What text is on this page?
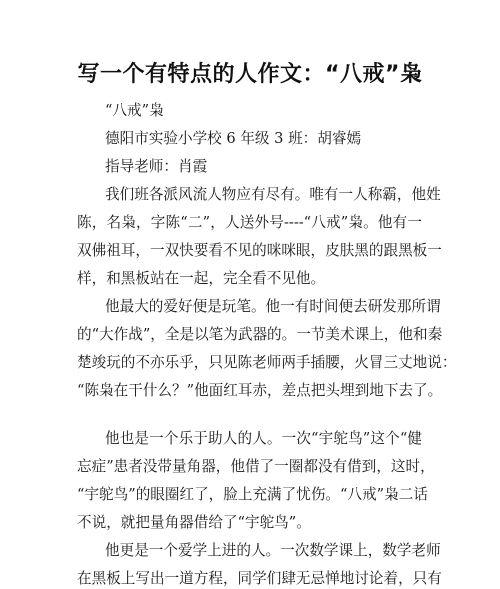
写一个有特点的人作文：“八戒”枭
“八戒”枭
德阳市实验小学校 6 年级 3 班：胡睿嫣
指导老师：肖霞
我们班各派风流人物应有尽有。唯有一人称霸，他姓
陈，名枭，字陈“二”，人送外号----“八戒”枭。他有一
双佛祖耳，一双快要看不见的咪咪眼，皮肤黑的跟黑板一
样，和黑板站在一起，完全看不见他。
他最大的爱好便是玩笔。他一有时间便去研发那所谓
的“大作战”，全是以笔为武器的。一节美术课上，他和秦
楚竣玩的不亦乐乎，只见陈老师两手插腰，火冒三丈地说：
“陈枭在干什么？”他面红耳赤，差点把头埋到地下去了。
他也是一个乐于助人的人。一次“宇鸵鸟”这个“健
忘症”患者没带量角器，他借了一圈都没有借到，这时，
“宇鸵鸟”的眼圈红了，脸上充满了忧伤。“八戒”枭二话
不说，就把量角器借给了“宇鸵鸟”。
他更是一个爱学上进的人。一次数学课上，数学老师
在黑板上写出一道方程，同学们肆无忌惮地讨论着，只有
